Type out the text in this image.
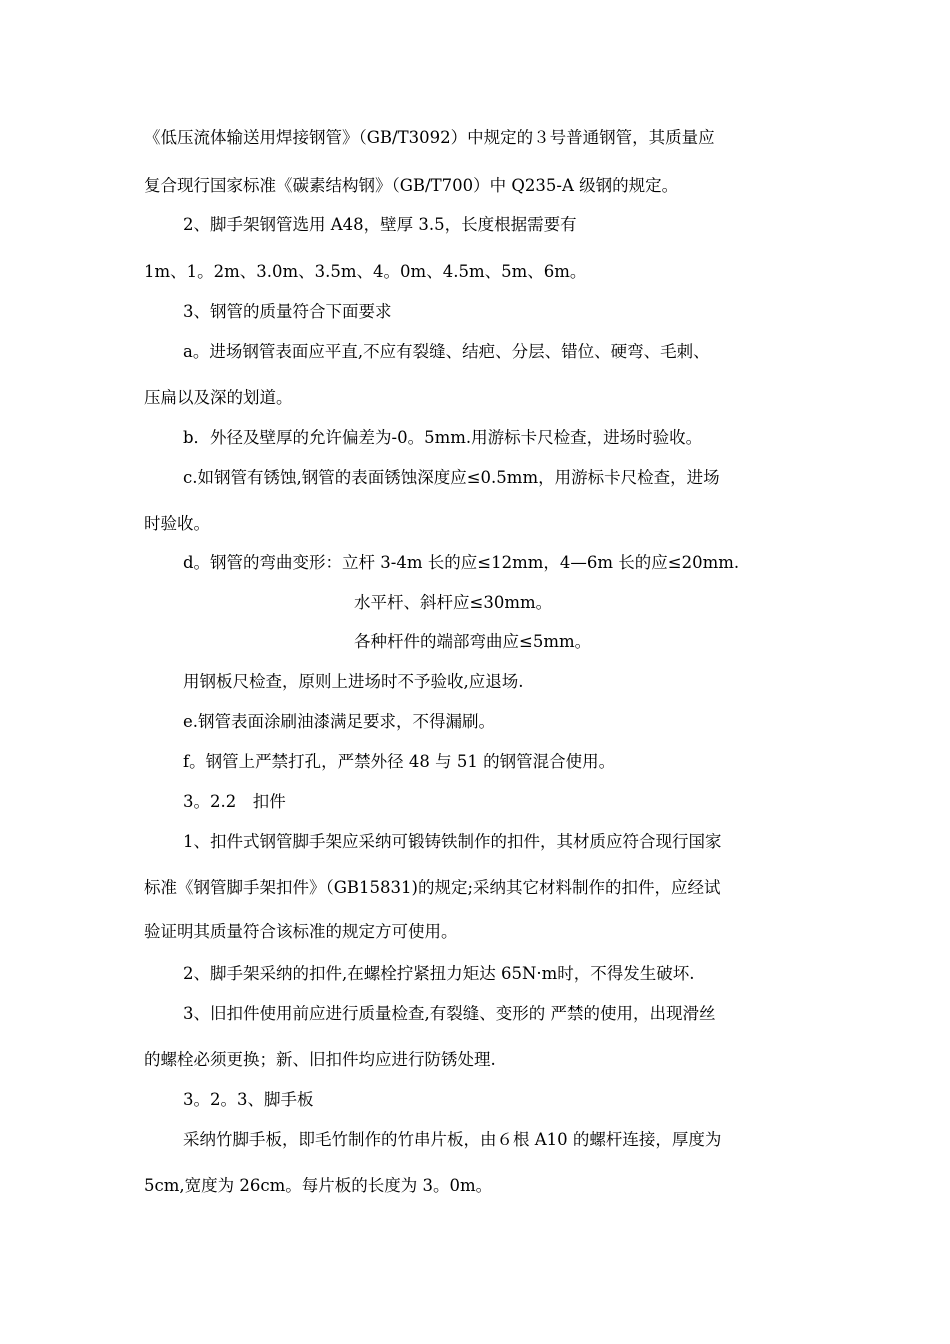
《低压流体输送用焊接钢管》（GB/T3092）中规定的３号普通钢管，其质量应
复合现行国家标准《碳素结构钢》（GB/T700）中 Q235-A 级钢的规定。
2、脚手架钢管选用 A48，壁厚 3.5，长度根据需要有
1m、1。2m、3.0m、3.5m、4。0m、4.5m、5m、6m。
3、钢管的质量符合下面要求
a。进场钢管表面应平直,不应有裂缝、结疤、分层、错位、硬弯、毛刺、
压扁以及深的划道。
b．外径及壁厚的允许偏差为-0。5mm.用游标卡尺检查，进场时验收。
c.如钢管有锈蚀,钢管的表面锈蚀深度应≤0.5mm，用游标卡尺检查，进场
时验收。
d。钢管的弯曲变形：立杆 3-4m 长的应≤12mm，4—6m 长的应≤20mm.
水平杆、斜杆应≤30mm。
各种杆件的端部弯曲应≤5mm。
用钢板尺检查，原则上进场时不予验收,应退场.
e.钢管表面涂刷油漆满足要求，不得漏刷。
f。钢管上严禁打孔，严禁外径 48 与 51 的钢管混合使用。
3。2.2　扣件
1、扣件式钢管脚手架应采纳可锻铸铁制作的扣件，其材质应符合现行国家
标准《钢管脚手架扣件》（GB15831)的规定;采纳其它材料制作的扣件，应经试
验证明其质量符合该标准的规定方可使用。
2、脚手架采纳的扣件,在螺栓拧紧扭力矩达 65N·m时，不得发生破坏.
3、旧扣件使用前应进行质量检查,有裂缝、变形的 严禁的使用，出现滑丝
的螺栓必须更换；新、旧扣件均应进行防锈处理.
3。2。3、脚手板
采纳竹脚手板，即毛竹制作的竹串片板，由６根 A10 的螺杆连接，厚度为
5cm,宽度为 26cm。每片板的长度为 3。0m。
